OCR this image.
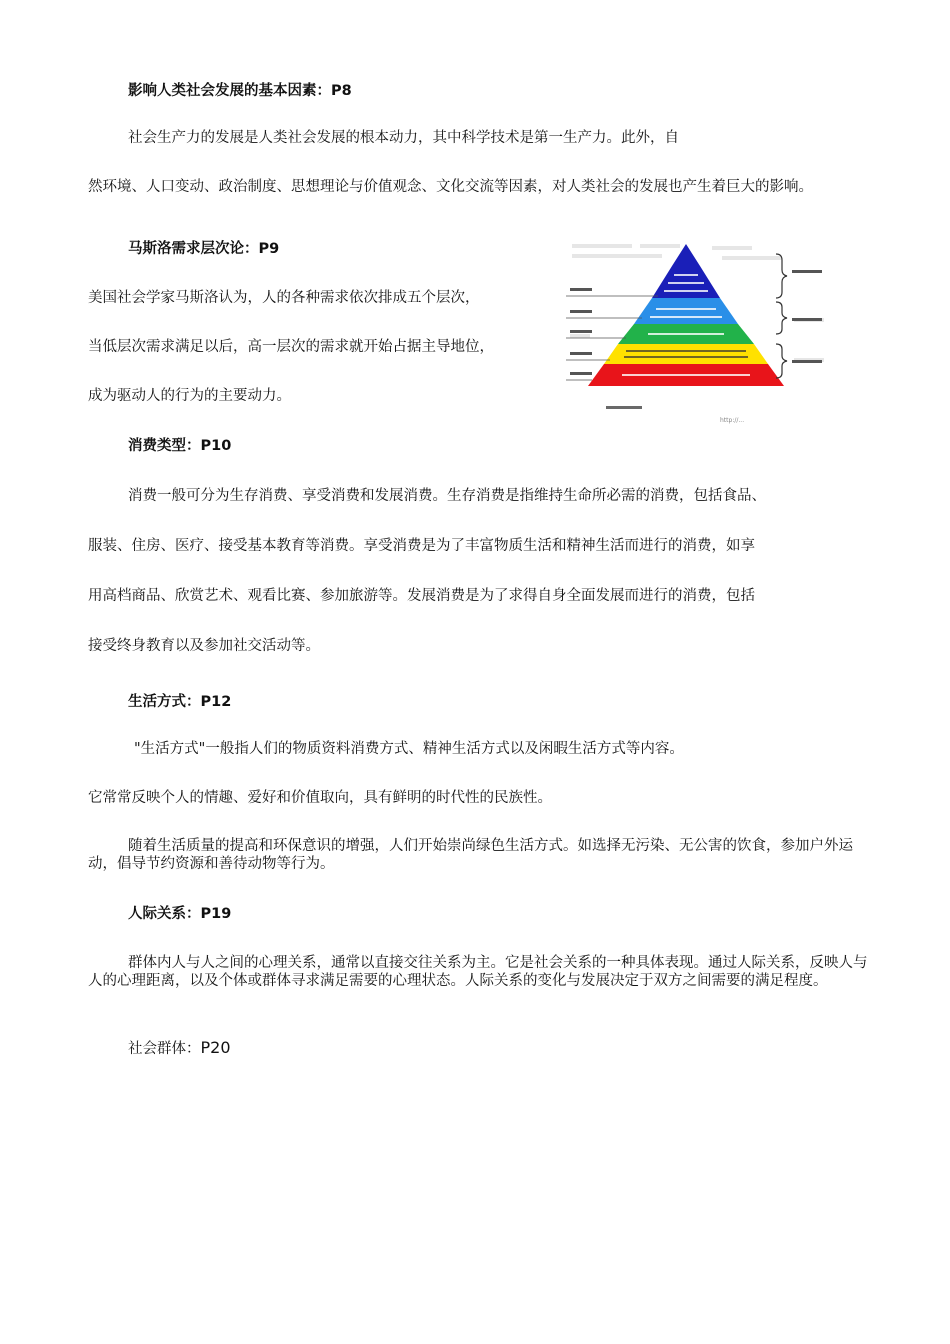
影响人类社会发展的基本因素：P8
社会生产力的发展是人类社会发展的根本动力，其中科学技术是第一生产力。此外，自
然环境、人口变动、政治制度、思想理论与价值观念、文化交流等因素，对人类社会的发展也产生着巨大的影响。
马斯洛需求层次论：P9
美国社会学家马斯洛认为，人的各种需求依次排成五个层次，
当低层次需求满足以后，高一层次的需求就开始占据主导地位，
成为驱动人的行为的主要动力。
http://...
消费类型：P10
消费一般可分为生存消费、享受消费和发展消费。生存消费是指维持生命所必需的消费，包括食品、
服装、住房、医疗、接受基本教育等消费。享受消费是为了丰富物质生活和精神生活而进行的消费，如享
用高档商品、欣赏艺术、观看比赛、参加旅游等。发展消费是为了求得自身全面发展而进行的消费，包括
接受终身教育以及参加社交活动等。
生活方式：P12
"生活方式"一般指人们的物质资料消费方式、精神生活方式以及闲暇生活方式等内容。
它常常反映个人的情趣、爱好和价值取向，具有鲜明的时代性的民族性。
随着生活质量的提高和环保意识的增强，人们开始崇尚绿色生活方式。如选择无污染、无公害的饮食，参加户外运动，倡导节约资源和善待动物等行为。
人际关系：P19
群体内人与人之间的心理关系，通常以直接交往关系为主。它是社会关系的一种具体表现。通过人际关系，反映人与人的心理距离，以及个体或群体寻求满足需要的心理状态。人际关系的变化与发展决定于双方之间需要的满足程度。
社会群体：P20
